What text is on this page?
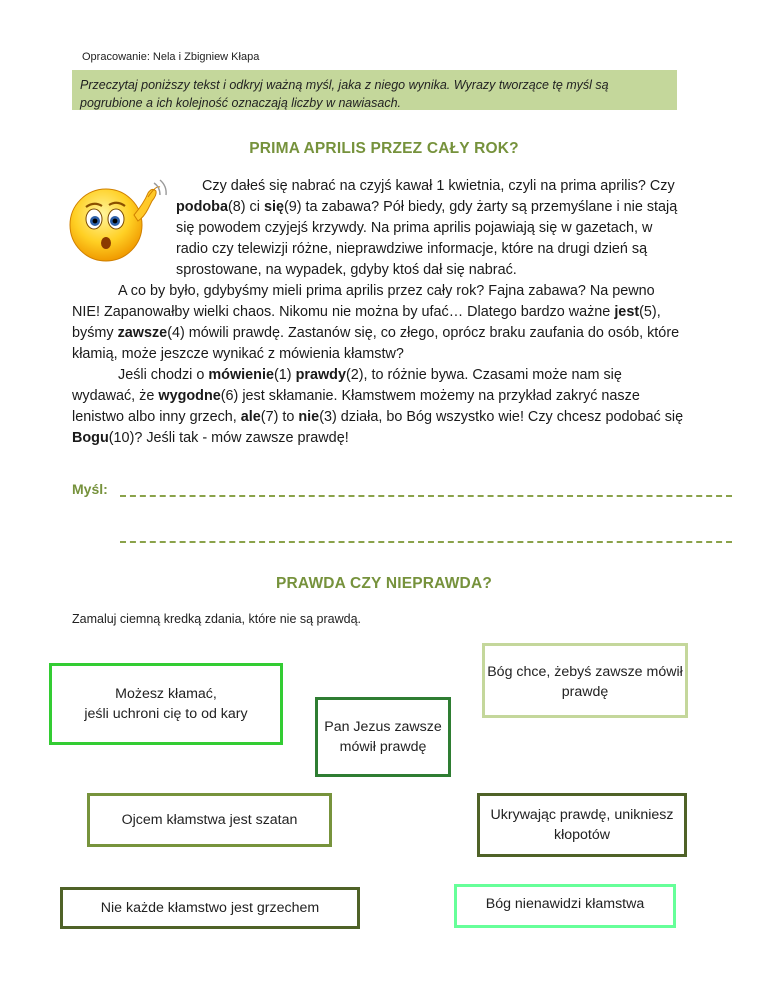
Opracowanie: Nela i Zbigniew Kłapa
Przeczytaj poniższy tekst i odkryj ważną myśl, jaka z niego wynika. Wyrazy tworzące tę myśl są pogrubione a ich kolejność oznaczają liczby w nawiasach.
PRIMA APRILIS PRZEZ CAŁY ROK?

Czy dałeś się nabrać na czyjś kawał 1 kwietnia, czyli na prima aprilis? Czy podoba(8) ci się(9) ta zabawa? Pół biedy, gdy żarty są przemyślane i nie stają się powodem czyjejś krzywdy. Na prima aprilis pojawiają się w gazetach, w radio czy telewizji różne, nieprawdziwe informacje, które na drugi dzień są sprostowane, na wypadek, gdyby ktoś dał się nabrać.

A co by było, gdybyśmy mieli prima aprilis przez cały rok? Fajna zabawa? Na pewno NIE! Zapanowałby wielki chaos. Nikomu nie można by ufać… Dlatego bardzo ważne jest(5), byśmy zawsze(4) mówili prawdę. Zastanów się, co złego, oprócz braku zaufania do osób, które kłamią, może jeszcze wynikać z mówienia kłamstw?

Jeśli chodzi o mówienie(1) prawdy(2), to różnie bywa. Czasami może nam się wydawać, że wygodne(6) jest skłamanie. Kłamstwem możemy na przykład zakryć nasze lenistwo albo inny grzech, ale(7) to nie(3) działa, bo Bóg wszystko wie! Czy chcesz podobać się Bogu(10)? Jeśli tak - mów zawsze prawdę!

Myśl:
PRAWDA CZY NIEPRAWDA?
Zamaluj ciemną kredką zdania, które nie są prawdą.
Możesz kłamać,
jeśli uchroni cię to od kary
Bóg chce, żebyś zawsze mówił prawdę
Pan Jezus zawsze mówił prawdę
Ojcem kłamstwa jest szatan	Ukrywając prawdę, unikniesz kłopotów
Nie każde kłamstwo jest grzechem	Bóg nienawidzi kłamstwa
